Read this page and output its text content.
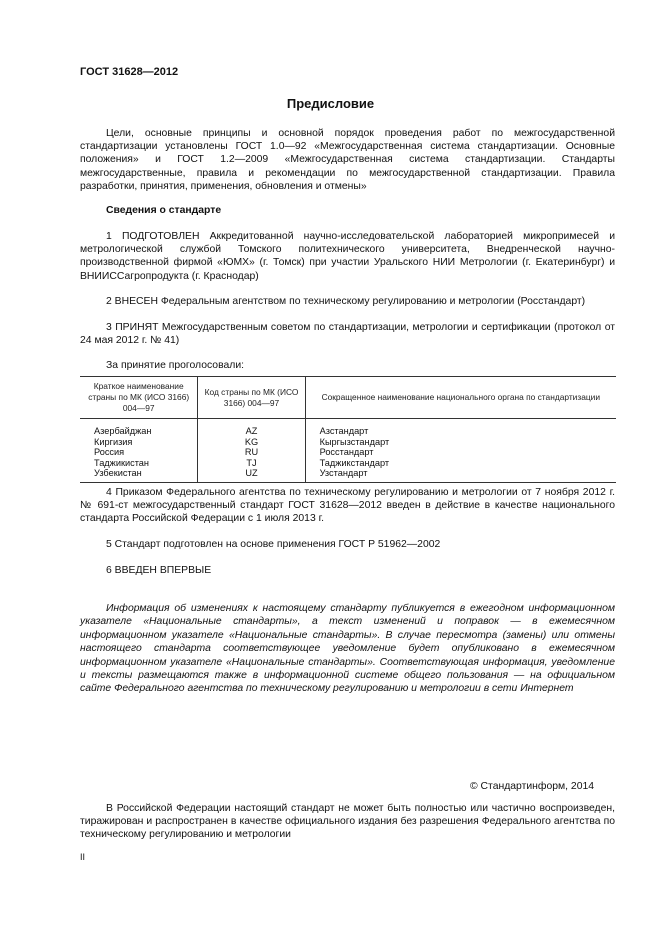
ГОСТ 31628—2012
Предисловие

Цели, основные принципы и основной порядок проведения работ по межгосударственной стандартизации установлены ГОСТ 1.0—92 «Межгосударственная система стандартизации. Основные положения» и ГОСТ 1.2—2009 «Межгосударственная система стандартизации. Стандарты межгосударственные, правила и рекомендации по межгосударственной стандартизации. Правила разработки, принятия, применения, обновления и отмены»

Сведения о стандарте

1 ПОДГОТОВЛЕН Аккредитованной научно-исследовательской лабораторией микропримесей и метрологической службой Томского политехнического университета, Внедренческой научно-производственной фирмой «ЮМХ» (г. Томск) при участии Уральского НИИ Метрологии (г. Екатеринбург) и ВНИИССагропродукта (г. Краснодар)

2 ВНЕСЕН Федеральным агентством по техническому регулированию и метрологии (Росстандарт)

3 ПРИНЯТ Межгосударственным советом по стандартизации, метрологии и сертификации (протокол от 24 мая 2012 г. № 41)

За принятие проголосовали:
Краткое наименование страны по МК (ИСО 3166) 004—97	Код страны по МК (ИСО 3166) 004—97	Сокращенное наименование национального органа по стандартизации
Азербайджан	AZ	Азстандарт
Киргизия	KG	Кыргызстандарт
Россия	RU	Росстандарт
Таджикистан	TJ	Таджикстандарт
Узбекистан	UZ	Узстандарт

4 Приказом Федерального агентства по техническому регулированию и метрологии от 7 ноября 2012 г. № 691-ст межгосударственный стандарт ГОСТ 31628—2012 введен в действие в качестве национального стандарта Российской Федерации с 1 июля 2013 г.

5 Стандарт подготовлен на основе применения ГОСТ Р 51962—2002

6 ВВЕДЕН ВПЕРВЫЕ

Информация об изменениях к настоящему стандарту публикуется в ежегодном информационном указателе «Национальные стандарты», а текст изменений и поправок — в ежемесячном информационном указателе «Национальные стандарты». В случае пересмотра (замены) или отмены настоящего стандарта соответствующее уведомление будет опубликовано в ежемесячном информационном указателе «Национальные стандарты». Соответствующая информация, уведомление и тексты размещаются также в информационной системе общего пользования — на официальном сайте Федерального агентства по техническому регулированию и метрологии в сети Интернет
© Стандартинформ, 2014

В Российской Федерации настоящий стандарт не может быть полностью или частично воспроизведен, тиражирован и распространен в качестве официального издания без разрешения Федерального агентства по техническому регулированию и метрологии

II
